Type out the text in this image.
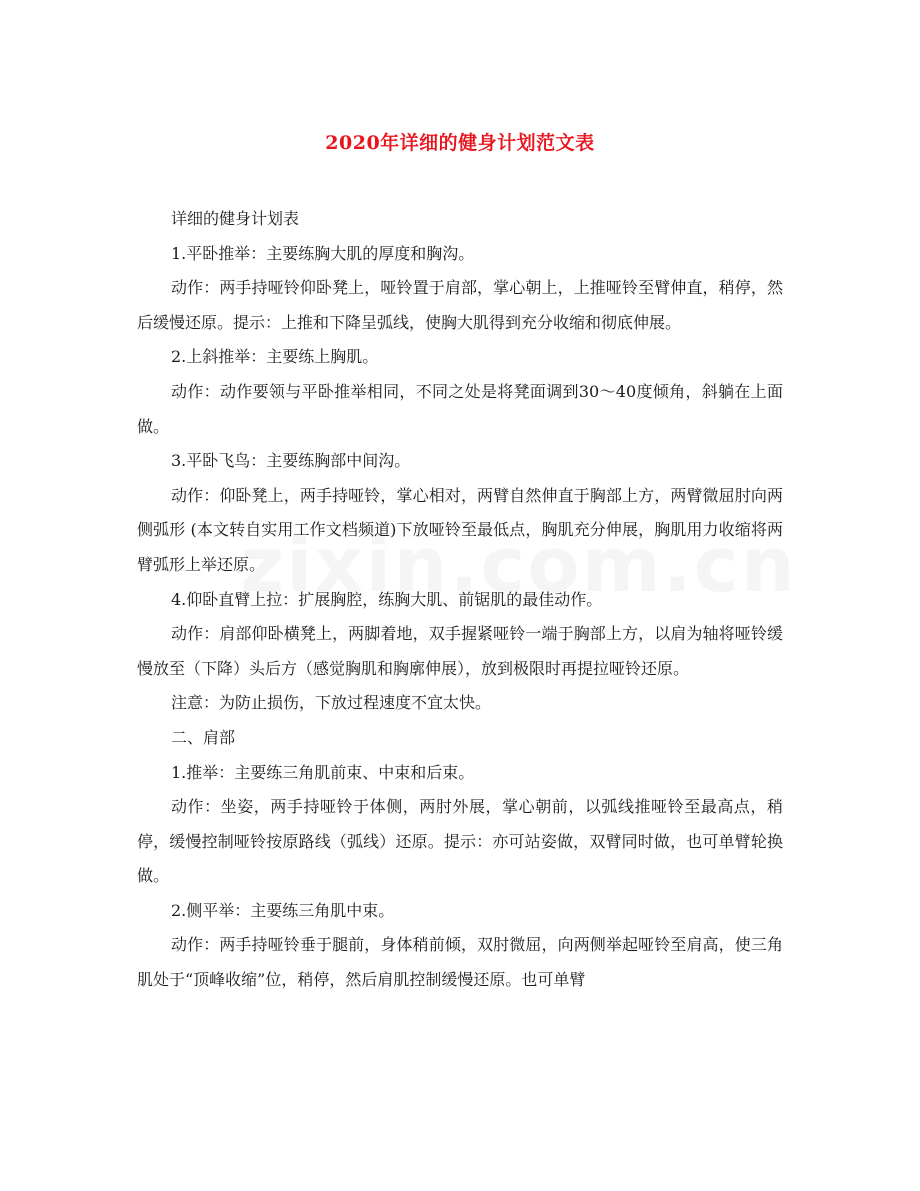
2020年详细的健身计划范文表

详细的健身计划表

1.平卧推举：主要练胸大肌的厚度和胸沟。

动作：两手持哑铃仰卧凳上，哑铃置于肩部，掌心朝上，上推哑铃至臂伸直，稍停，然后缓慢还原。提示：上推和下降呈弧线，使胸大肌得到充分收缩和彻底伸展。

2.上斜推举：主要练上胸肌。

动作：动作要领与平卧推举相同，不同之处是将凳面调到30～40度倾角，斜躺在上面做。

3.平卧飞鸟：主要练胸部中间沟。

动作：仰卧凳上，两手持哑铃，掌心相对，两臂自然伸直于胸部上方，两臂微屈肘向两侧弧形 (本文转自实用工作文档频道)下放哑铃至最低点，胸肌充分伸展，胸肌用力收缩将两臂弧形上举还原。

4.仰卧直臂上拉：扩展胸腔，练胸大肌、前锯肌的最佳动作。

动作：肩部仰卧横凳上，两脚着地，双手握紧哑铃一端于胸部上方，以肩为轴将哑铃缓慢放至（下降）头后方（感觉胸肌和胸廓伸展），放到极限时再提拉哑铃还原。

注意：为防止损伤，下放过程速度不宜太快。

二、肩部

1.推举：主要练三角肌前束、中束和后束。

动作：坐姿，两手持哑铃于体侧，两肘外展，掌心朝前，以弧线推哑铃至最高点，稍停，缓慢控制哑铃按原路线（弧线）还原。提示：亦可站姿做，双臂同时做，也可单臂轮换做。

2.侧平举：主要练三角肌中束。

动作：两手持哑铃垂于腿前，身体稍前倾，双肘微屈，向两侧举起哑铃至肩高，使三角肌处于“顶峰收缩”位，稍停，然后肩肌控制缓慢还原。也可单臂
